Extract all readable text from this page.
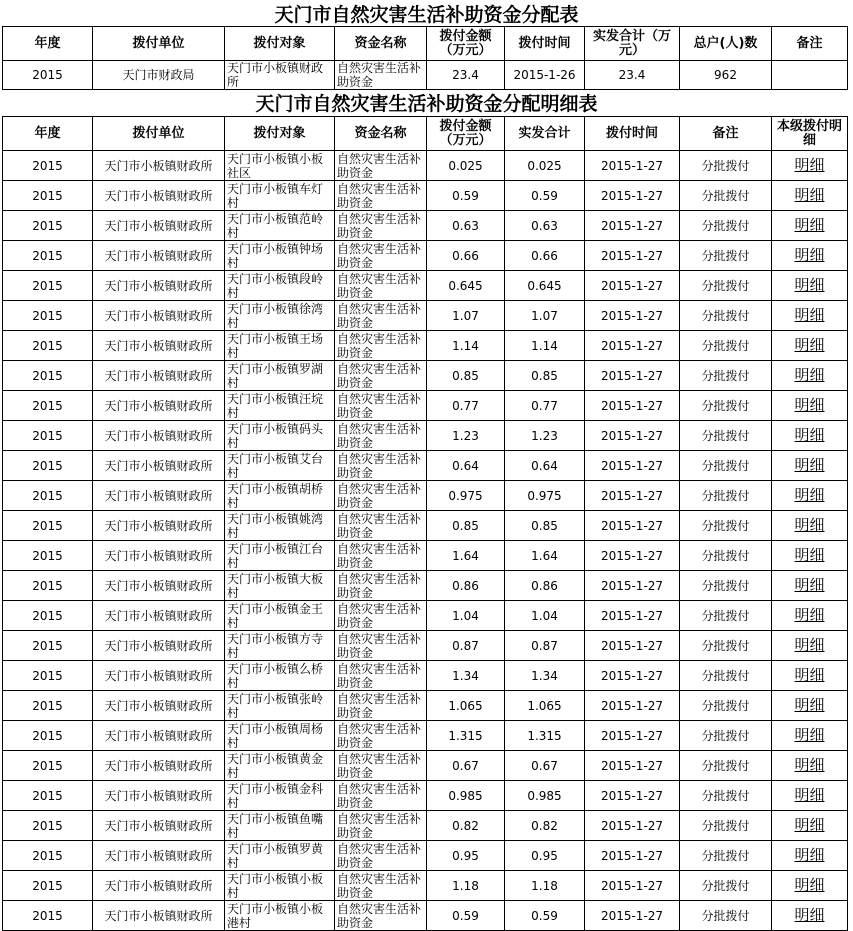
天门市自然灾害生活补助资金分配表
年度	拨付单位	拨付对象	资金名称	拨付金额（万元）	拨付时间	实发合计（万元）	总户(人)数	备注
2015	天门市财政局	天门市小板镇财政所	自然灾害生活补助资金	23.4	2015-1-26	23.4	962	
天门市自然灾害生活补助资金分配明细表
年度	拨付单位	拨付对象	资金名称	拨付金额（万元）	实发合计	拨付时间	备注	本级拨付明细
2015	天门市小板镇财政所	天门市小板镇小板社区	自然灾害生活补助资金	0.025	0.025	2015-1-27	分批拨付	明细
2015	天门市小板镇财政所	天门市小板镇车灯村	自然灾害生活补助资金	0.59	0.59	2015-1-27	分批拨付	明细
2015	天门市小板镇财政所	天门市小板镇范岭村	自然灾害生活补助资金	0.63	0.63	2015-1-27	分批拨付	明细
2015	天门市小板镇财政所	天门市小板镇钟场村	自然灾害生活补助资金	0.66	0.66	2015-1-27	分批拨付	明细
2015	天门市小板镇财政所	天门市小板镇段岭村	自然灾害生活补助资金	0.645	0.645	2015-1-27	分批拨付	明细
2015	天门市小板镇财政所	天门市小板镇徐湾村	自然灾害生活补助资金	1.07	1.07	2015-1-27	分批拨付	明细
2015	天门市小板镇财政所	天门市小板镇王场村	自然灾害生活补助资金	1.14	1.14	2015-1-27	分批拨付	明细
2015	天门市小板镇财政所	天门市小板镇罗湖村	自然灾害生活补助资金	0.85	0.85	2015-1-27	分批拨付	明细
2015	天门市小板镇财政所	天门市小板镇汪垸村	自然灾害生活补助资金	0.77	0.77	2015-1-27	分批拨付	明细
2015	天门市小板镇财政所	天门市小板镇码头村	自然灾害生活补助资金	1.23	1.23	2015-1-27	分批拨付	明细
2015	天门市小板镇财政所	天门市小板镇艾台村	自然灾害生活补助资金	0.64	0.64	2015-1-27	分批拨付	明细
2015	天门市小板镇财政所	天门市小板镇胡桥村	自然灾害生活补助资金	0.975	0.975	2015-1-27	分批拨付	明细
2015	天门市小板镇财政所	天门市小板镇姚湾村	自然灾害生活补助资金	0.85	0.85	2015-1-27	分批拨付	明细
2015	天门市小板镇财政所	天门市小板镇江台村	自然灾害生活补助资金	1.64	1.64	2015-1-27	分批拨付	明细
2015	天门市小板镇财政所	天门市小板镇大板村	自然灾害生活补助资金	0.86	0.86	2015-1-27	分批拨付	明细
2015	天门市小板镇财政所	天门市小板镇金王村	自然灾害生活补助资金	1.04	1.04	2015-1-27	分批拨付	明细
2015	天门市小板镇财政所	天门市小板镇方寺村	自然灾害生活补助资金	0.87	0.87	2015-1-27	分批拨付	明细
2015	天门市小板镇财政所	天门市小板镇么桥村	自然灾害生活补助资金	1.34	1.34	2015-1-27	分批拨付	明细
2015	天门市小板镇财政所	天门市小板镇张岭村	自然灾害生活补助资金	1.065	1.065	2015-1-27	分批拨付	明细
2015	天门市小板镇财政所	天门市小板镇周杨村	自然灾害生活补助资金	1.315	1.315	2015-1-27	分批拨付	明细
2015	天门市小板镇财政所	天门市小板镇黄金村	自然灾害生活补助资金	0.67	0.67	2015-1-27	分批拨付	明细
2015	天门市小板镇财政所	天门市小板镇金科村	自然灾害生活补助资金	0.985	0.985	2015-1-27	分批拨付	明细
2015	天门市小板镇财政所	天门市小板镇鱼嘴村	自然灾害生活补助资金	0.82	0.82	2015-1-27	分批拨付	明细
2015	天门市小板镇财政所	天门市小板镇罗黄村	自然灾害生活补助资金	0.95	0.95	2015-1-27	分批拨付	明细
2015	天门市小板镇财政所	天门市小板镇小板村	自然灾害生活补助资金	1.18	1.18	2015-1-27	分批拨付	明细
2015	天门市小板镇财政所	天门市小板镇小板港村	自然灾害生活补助资金	0.59	0.59	2015-1-27	分批拨付	明细
